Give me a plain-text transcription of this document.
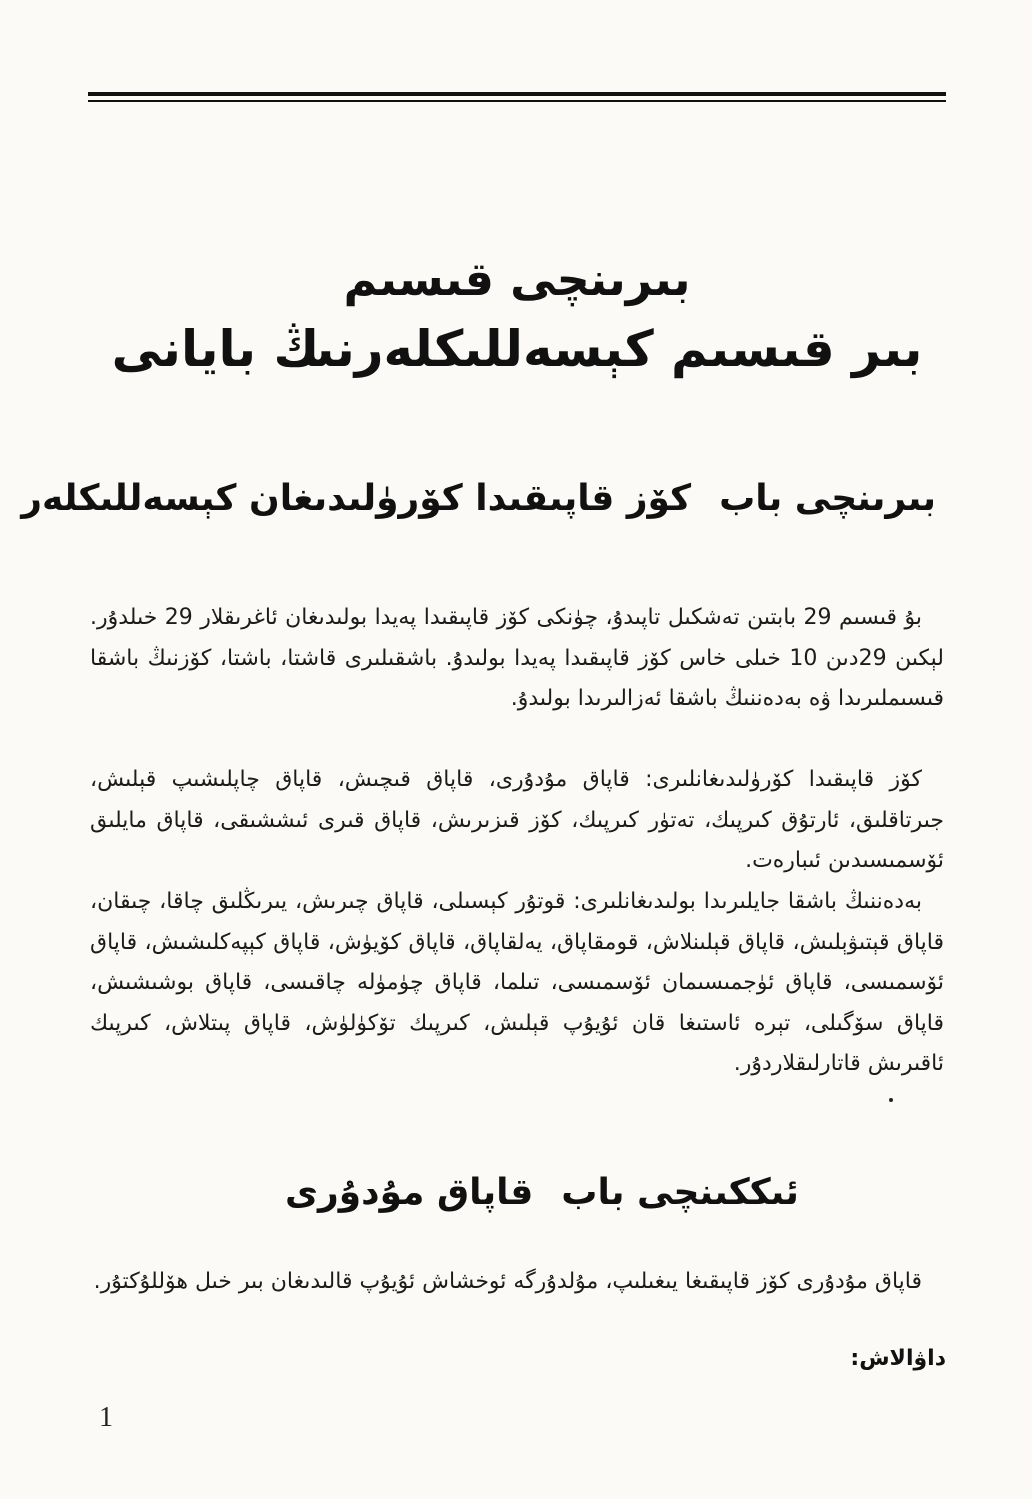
بىرىنچى قىسىم
بىر قىسىم كېسەللىكلەرنىڭ بايانى
بىرىنچى بابكۆز قاپىقىدا كۆرۈلىدىغان كېسەللىكلەر

بۇ قىسىم 29 بابتىن تەشكىل تاپىدۇ، چۈنكى كۆز قاپىقىدا پەيدا بولىدىغان ئاغرىقلار 29 خىلدۇر. لېكىن 29دىن 10 خىلى خاس كۆز قاپىقىدا پەيدا بولىدۇ. باشقىلىرى قاشتا، باشتا، كۆزنىڭ باشقا قىسىملىرىدا ۋە بەدەننىڭ باشقا ئەزالىرىدا بولىدۇ.

كۆز قاپىقىدا كۆرۈلىدىغانلىرى: قاپاق مۇدۇرى، قاپاق قىچىش، قاپاق چاپلىشىپ قېلىش، جىرتاقلىق، ئارتۇق كىرپىك، تەتۈر كىرپىك، كۆز قىزىرىش، قاپاق قىرى ئىششىقى، قاپاق مايلىق ئۆسمىسىدىن ئىبارەت.

بەدەننىڭ باشقا جايلىرىدا بولىدىغانلىرى: قوتۇر كېسىلى، قاپاق چىرىش، يىرىڭلىق چاقا، چىقان، قاپاق قېتىۋېلىش، قاپاق قېلىنلاش، قومقاپاق، يەلقاپاق، قاپاق كۆيۈش، قاپاق كېپەكلىشىش، قاپاق ئۆسمىسى، قاپاق ئۈجمىسىمان ئۆسمىسى، تىلما، قاپاق چۈمۈلە چاقىسى، قاپاق بوشىشىش، قاپاق سۆگىلى، تېرە ئاستىغا قان ئۇيۇپ قېلىش، كىرپىك تۆكۈلۈش، قاپاق پىتلاش، كىرپىك ئاقىرىش قاتارلىقلاردۇر.

ئىككىنچى بابقاپاق مۇدۇرى

قاپاق مۇدۇرى كۆز قاپىقىغا يىغىلىپ، مۇلدۇرگە ئوخشاش ئۇيۇپ قالىدىغان بىر خىل ھۆللۇكتۇر.

داۋالاش:
1
